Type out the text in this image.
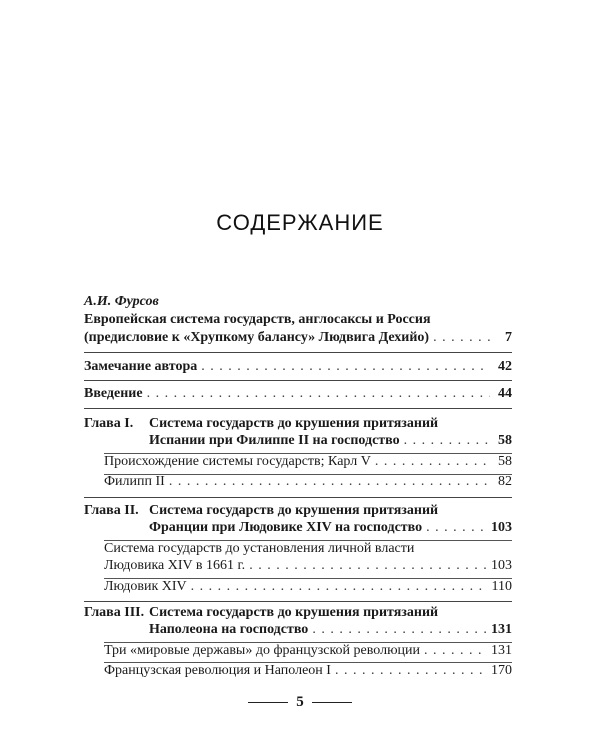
СОДЕРЖАНИЕ
А.И. Фурсов
Европейская система государств, англосаксы и Россия
(предисловие к «Хрупкому балансу» Людвига Дехийо) . . .	7
Замечание автора . . .	42
Введение . . .	44
Глава I. Система государств до крушения притязаний
Испании при Филиппе II на господство . . .	58
Происхождение системы государств; Карл V . . .	58
Филипп II . . .	82
Глава II. Система государств до крушения притязаний
Франции при Людовике XIV на господство . . .	103
Система государств до установления личной власти
Людовика XIV в 1661 г. . . .	103
Людовик XIV . . .	110
Глава III. Система государств до крушения притязаний
Наполеона на господство . . .	131
Три «мировые державы» до французской революции . . .	131
Французская революция и Наполеон I . . .	170
5
